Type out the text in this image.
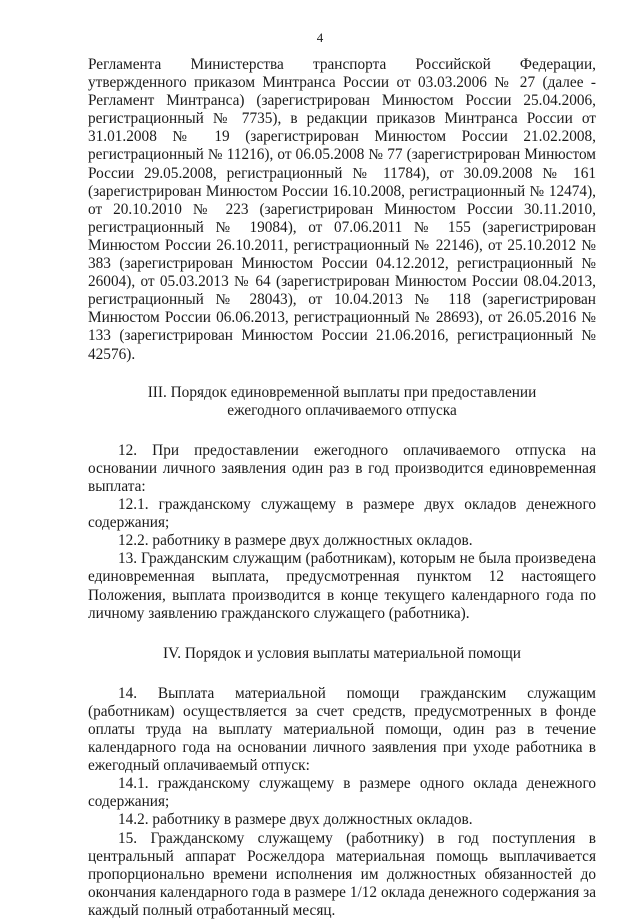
4

Регламента Министерства транспорта Российской Федерации, утвержденного приказом Минтранса России от 03.03.2006 № 27 (далее - Регламент Минтранса) (зарегистрирован Минюстом России 25.04.2006, регистрационный № 7735), в редакции приказов Минтранса России от 31.01.2008 № 19 (зарегистрирован Минюстом России 21.02.2008, регистрационный № 11216), от 06.05.2008 № 77 (зарегистрирован Минюстом России 29.05.2008, регистрационный № 11784), от 30.09.2008 № 161 (зарегистрирован Минюстом России 16.10.2008, регистрационный № 12474), от 20.10.2010 № 223 (зарегистрирован Минюстом России 30.11.2010, регистрационный № 19084), от 07.06.2011 № 155 (зарегистрирован Минюстом России 26.10.2011, регистрационный № 22146), от 25.10.2012 № 383 (зарегистрирован Минюстом России 04.12.2012, регистрационный № 26004), от 05.03.2013 № 64 (зарегистрирован Минюстом России 08.04.2013, регистрационный № 28043), от 10.04.2013 № 118 (зарегистрирован Минюстом России 06.06.2013, регистрационный № 28693), от 26.05.2016 № 133 (зарегистрирован Минюстом России 21.06.2016, регистрационный № 42576).

III. Порядок единовременной выплаты при предоставлении
ежегодного оплачиваемого отпуска

12. При предоставлении ежегодного оплачиваемого отпуска на основании личного заявления один раз в год производится единовременная выплата:

12.1. гражданскому служащему в размере двух окладов денежного содержания;

12.2. работнику в размере двух должностных окладов.

13. Гражданским служащим (работникам), которым не была произведена единовременная выплата, предусмотренная пунктом 12 настоящего Положения, выплата производится в конце текущего календарного года по личному заявлению гражданского служащего (работника).

IV. Порядок и условия выплаты материальной помощи

14. Выплата материальной помощи гражданским служащим (работникам) осуществляется за счет средств, предусмотренных в фонде оплаты труда на выплату материальной помощи, один раз в течение календарного года на основании личного заявления при уходе работника в ежегодный оплачиваемый отпуск:

14.1. гражданскому служащему в размере одного оклада денежного содержания;

14.2. работнику в размере двух должностных окладов.

15. Гражданскому служащему (работнику) в год поступления в центральный аппарат Росжелдора материальная помощь выплачивается пропорционально времени исполнения им должностных обязанностей до окончания календарного года в размере 1/12 оклада денежного содержания за каждый полный отработанный месяц.
